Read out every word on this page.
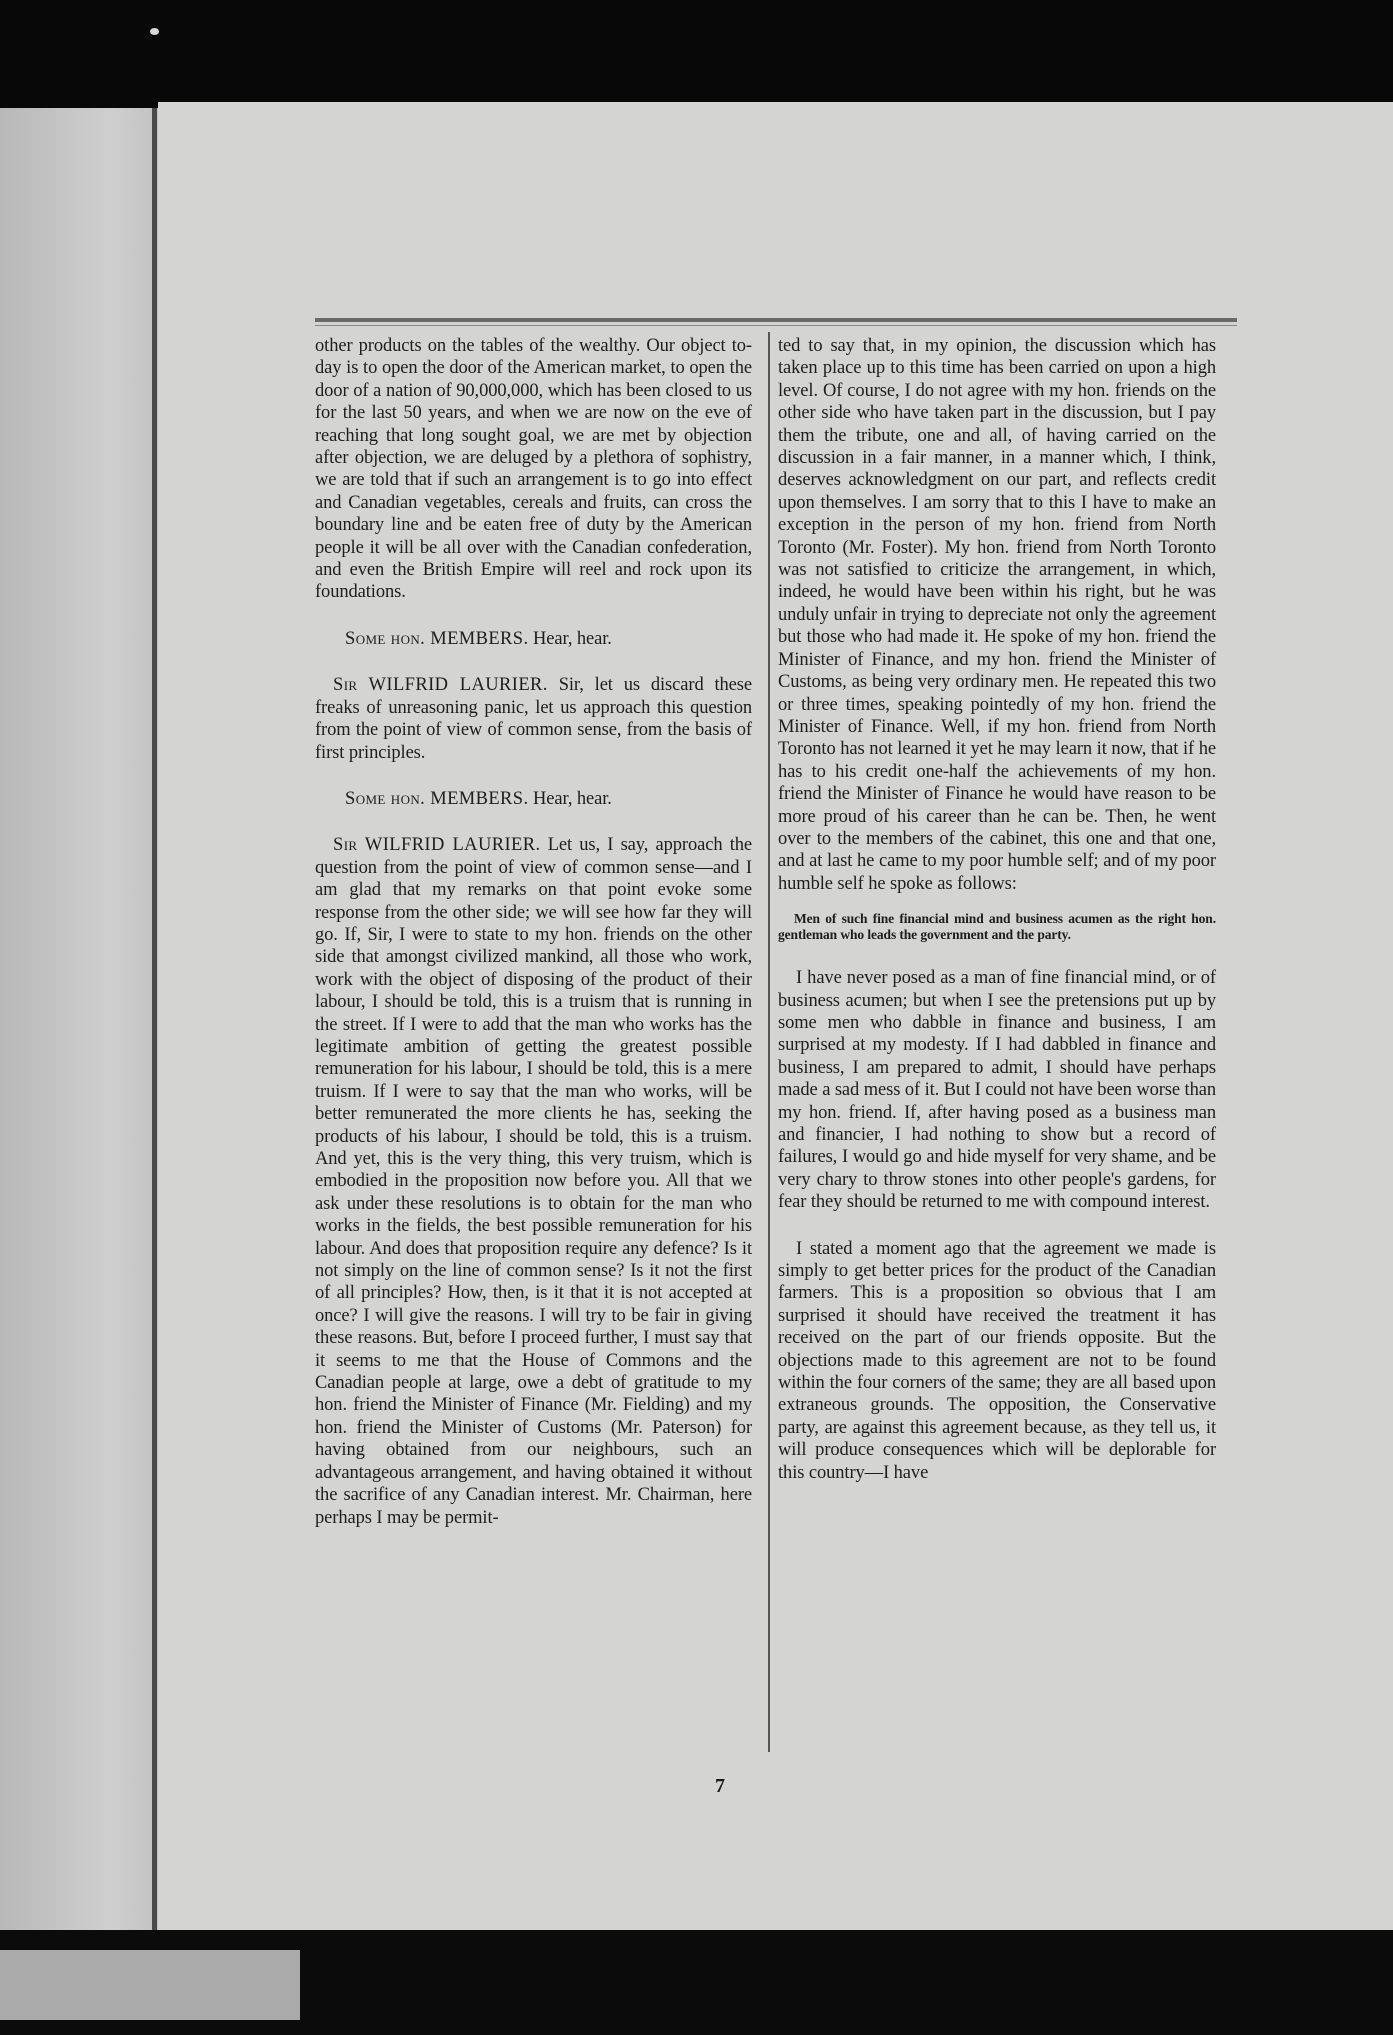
other products on the tables of the wealthy. Our object to-day is to open the door of the American market, to open the door of a nation of 90,000,000, which has been closed to us for the last 50 years, and when we are now on the eve of reaching that long sought goal, we are met by objection after objection, we are deluged by a plethora of sophistry, we are told that if such an arrangement is to go into effect and Canadian vegetables, cereals and fruits, can cross the boundary line and be eaten free of duty by the American people it will be all over with the Canadian confederation, and even the British Empire will reel and rock upon its foundations.

Some hon. MEMBERS. Hear, hear.

Sir WILFRID LAURIER. Sir, let us discard these freaks of unreasoning panic, let us approach this question from the point of view of common sense, from the basis of first principles.

Some hon. MEMBERS. Hear, hear.

Sir WILFRID LAURIER. Let us, I say, approach the question from the point of view of common sense—and I am glad that my remarks on that point evoke some response from the other side; we will see how far they will go. If, Sir, I were to state to my hon. friends on the other side that amongst civilized mankind, all those who work, work with the object of disposing of the product of their labour, I should be told, this is a truism that is running in the street. If I were to add that the man who works has the legitimate ambition of getting the greatest possible remuneration for his labour, I should be told, this is a mere truism. If I were to say that the man who works, will be better remunerated the more clients he has, seeking the products of his labour, I should be told, this is a truism. And yet, this is the very thing, this very truism, which is embodied in the proposition now before you. All that we ask under these resolutions is to obtain for the man who works in the fields, the best possible remuneration for his labour. And does that proposition require any defence? Is it not simply on the line of common sense? Is it not the first of all principles? How, then, is it that it is not accepted at once? I will give the reasons. I will try to be fair in giving these reasons. But, before I proceed further, I must say that it seems to me that the House of Commons and the Canadian people at large, owe a debt of gratitude to my hon. friend the Minister of Finance (Mr. Fielding) and my hon. friend the Minister of Customs (Mr. Paterson) for having obtained from our neighbours, such an advantageous arrangement, and having obtained it without the sacrifice of any Canadian interest. Mr. Chairman, here perhaps I may be permit-

ted to say that, in my opinion, the discussion which has taken place up to this time has been carried on upon a high level. Of course, I do not agree with my hon. friends on the other side who have taken part in the discussion, but I pay them the tribute, one and all, of having carried on the discussion in a fair manner, in a manner which, I think, deserves acknowledgment on our part, and reflects credit upon themselves. I am sorry that to this I have to make an exception in the person of my hon. friend from North Toronto (Mr. Foster). My hon. friend from North Toronto was not satisfied to criticize the arrangement, in which, indeed, he would have been within his right, but he was unduly unfair in trying to depreciate not only the agreement but those who had made it. He spoke of my hon. friend the Minister of Finance, and my hon. friend the Minister of Customs, as being very ordinary men. He repeated this two or three times, speaking pointedly of my hon. friend the Minister of Finance. Well, if my hon. friend from North Toronto has not learned it yet he may learn it now, that if he has to his credit one-half the achievements of my hon. friend the Minister of Finance he would have reason to be more proud of his career than he can be. Then, he went over to the members of the cabinet, this one and that one, and at last he came to my poor humble self; and of my poor humble self he spoke as follows:

Men of such fine financial mind and business acumen as the right hon. gentleman who leads the government and the party.

I have never posed as a man of fine financial mind, or of business acumen; but when I see the pretensions put up by some men who dabble in finance and business, I am surprised at my modesty. If I had dabbled in finance and business, I am prepared to admit, I should have perhaps made a sad mess of it. But I could not have been worse than my hon. friend. If, after having posed as a business man and financier, I had nothing to show but a record of failures, I would go and hide myself for very shame, and be very chary to throw stones into other people's gardens, for fear they should be returned to me with compound interest.

I stated a moment ago that the agreement we made is simply to get better prices for the product of the Canadian farmers. This is a proposition so obvious that I am surprised it should have received the treatment it has received on the part of our friends opposite. But the objections made to this agreement are not to be found within the four corners of the same; they are all based upon extraneous grounds. The opposition, the Conservative party, are against this agreement because, as they tell us, it will produce consequences which will be deplorable for this country—I have

7
